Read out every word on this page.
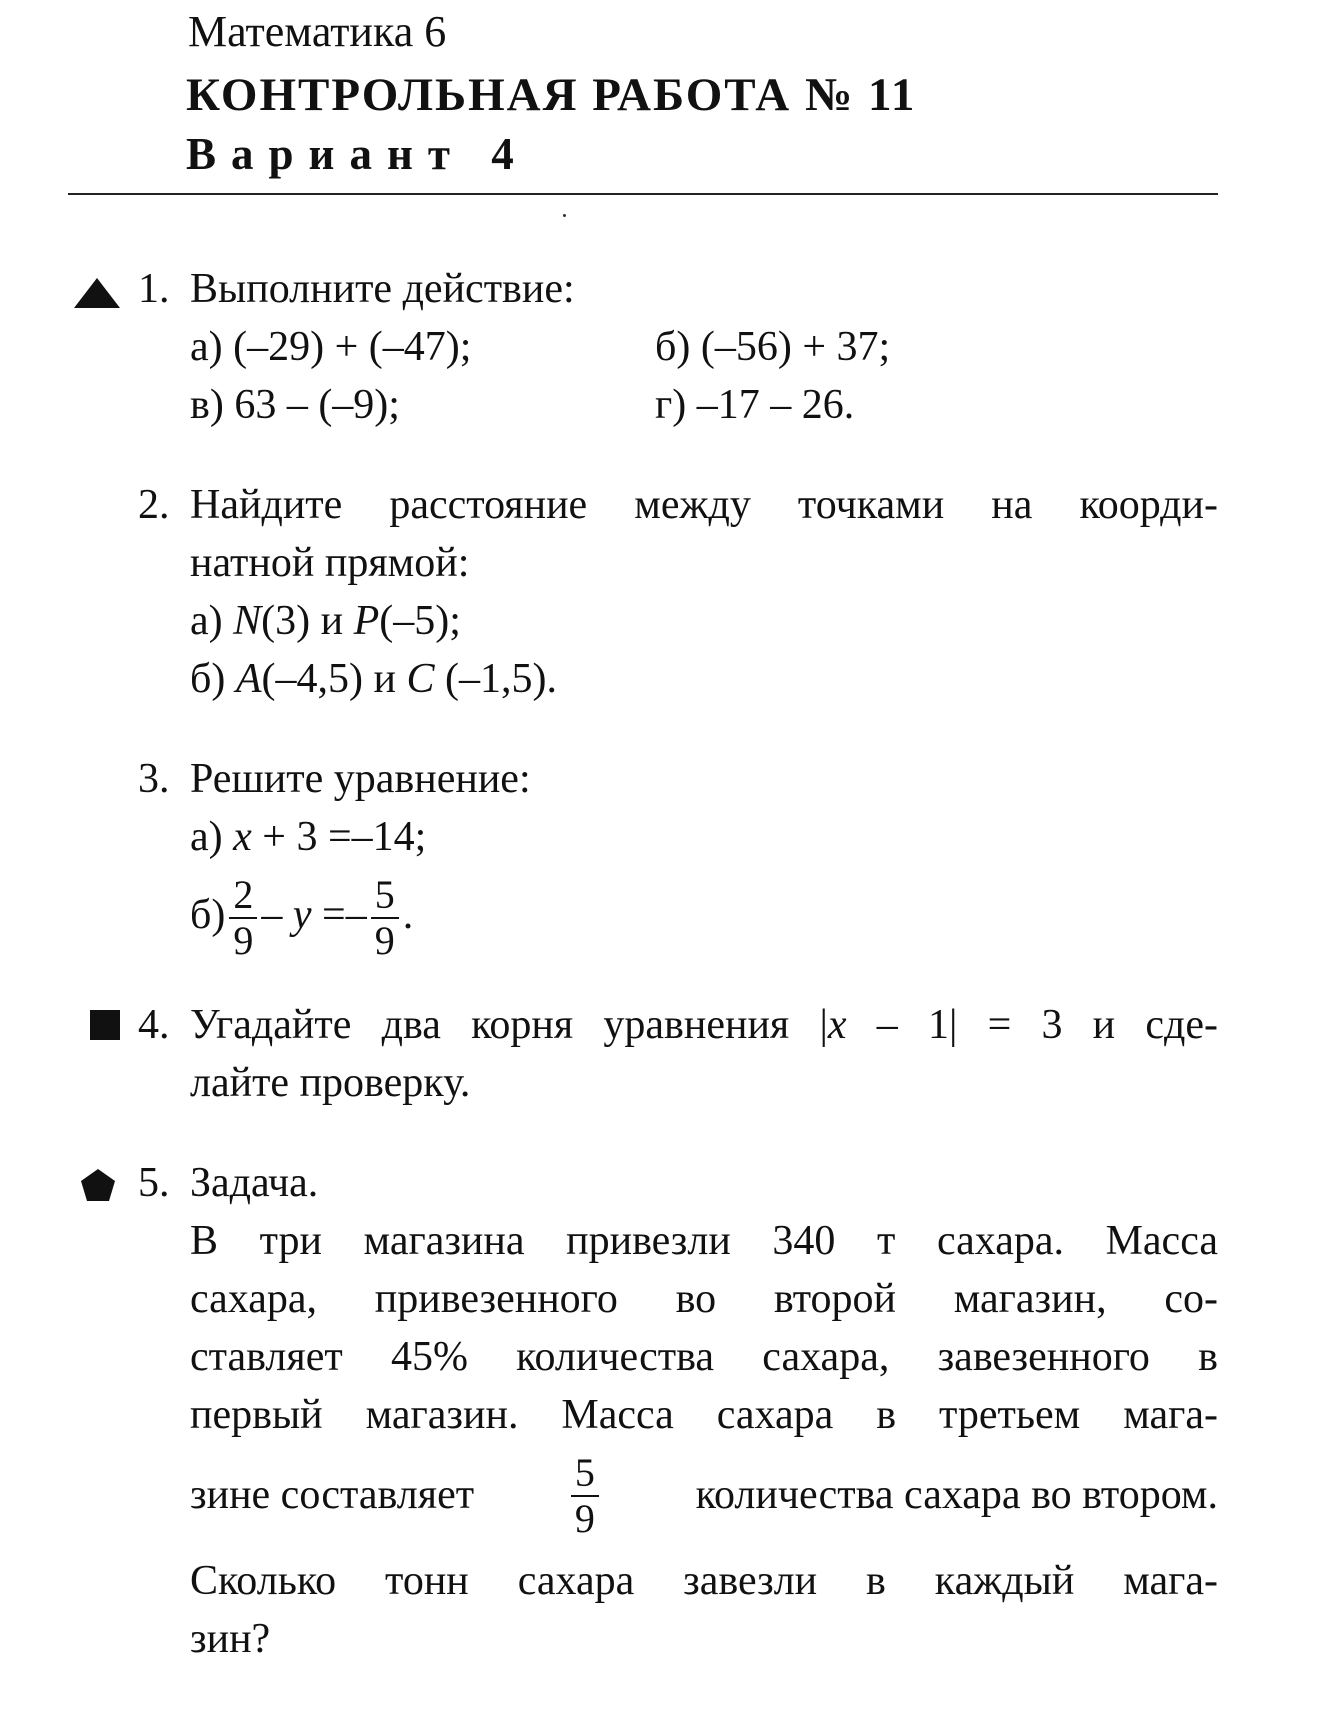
Математика 6
КОНТРОЛЬНАЯ РАБОТА № 11
Вариант 4
1. Выполните действие:
а) (–29) + (–47);	б) (–56) + 37;
в) 63 – (–9);	г) –17 – 26.
2. Найдите расстояние между точками на коорди-
натной прямой:
а) N(3) и P(–5);
б) A(–4,5) и C (–1,5).
3. Решите уравнение:
а) x + 3 =–14;
$б) \frac{2}{9} - y =- \frac{5}{9}$ .
4. Угадайте два корня уравнения |x – 1| = 3 и сде-
лайте проверку.
5. Задача.
В три магазина привезли 340 т сахара. Масса
сахара, привезенного во второй магазин, со-
ставляет 45% количества сахара, завезенного в
первый магазин. Масса сахара в третьем мага-
зине составляет $\frac{5}{9}$ количества сахара во втором.
Сколько тонн сахара завезли в каждый мага-
зин?
